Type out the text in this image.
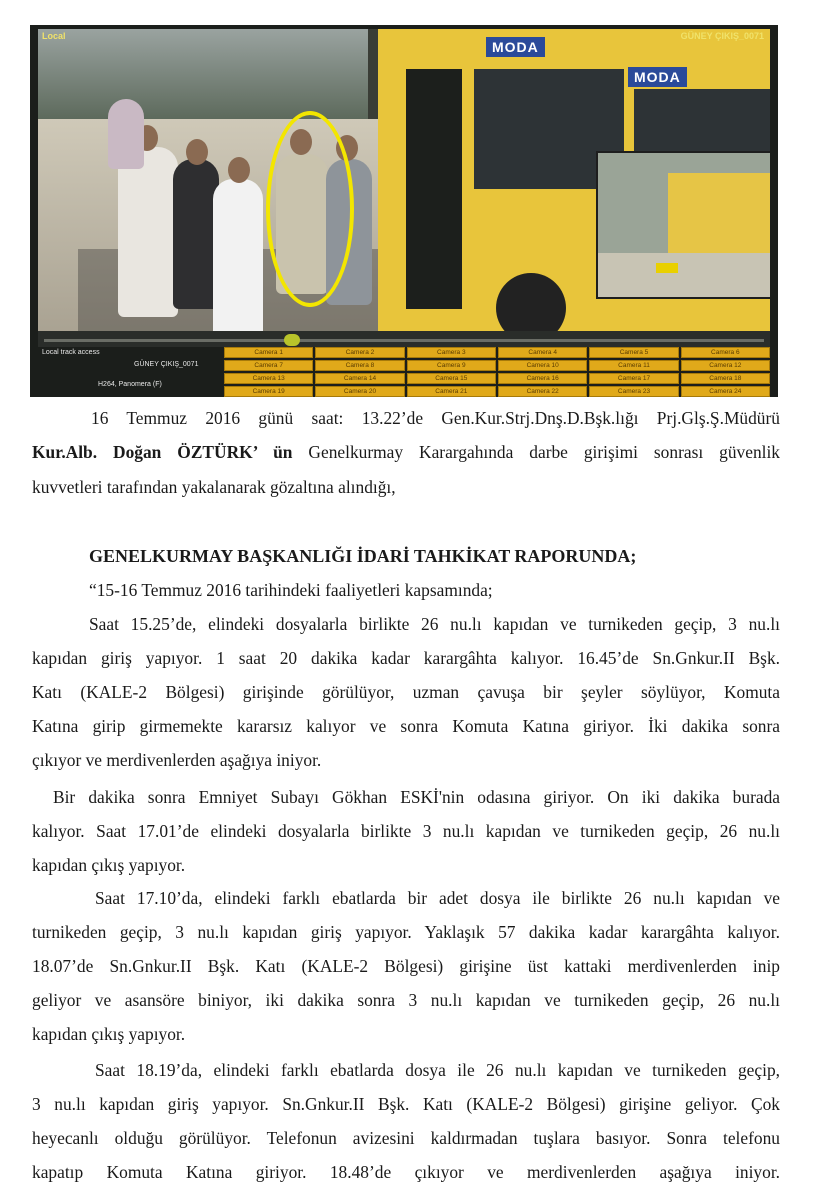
MODA
MODA
Local	GÜNEY ÇIKIŞ_0071
Local track access
GÜNEY ÇIKIŞ_0071
H264, Panomera (F)
Camera 1	Camera 2	Camera 3	Camera 4	Camera 5	Camera 6
Camera 7	Camera 8	Camera 9	Camera 10	Camera 11	Camera 12
Camera 13	Camera 14	Camera 15	Camera 16	Camera 17	Camera 18
Camera 19	Camera 20	Camera 21	Camera 22	Camera 23	Camera 24
16 Temmuz 2016 günü saat: 13.22’de Gen.Kur.Strj.Dnş.D.Bşk.lığı Prj.Glş.Ş.Müdürü
Kur.Alb. Doğan ÖZTÜRK’ ün Genelkurmay Karargahında darbe girişimi sonrası güvenlik
kuvvetleri tarafından yakalanarak gözaltına alındığı,
GENELKURMAY BAŞKANLIĞI İDARİ TAHKİKAT RAPORUNDA;
“15-16 Temmuz 2016 tarihindeki faaliyetleri kapsamında;
Saat 15.25’de, elindeki dosyalarla birlikte 26 nu.lı kapıdan ve turnikeden geçip, 3 nu.lı
kapıdan giriş yapıyor. 1 saat 20 dakika kadar karargâhta kalıyor. 16.45’de Sn.Gnkur.II Bşk.
Katı (KALE-2 Bölgesi) girişinde görülüyor, uzman çavuşa bir şeyler söylüyor, Komuta
Katına girip girmemekte kararsız kalıyor ve sonra Komuta Katına giriyor. İki dakika sonra
çıkıyor ve merdivenlerden aşağıya iniyor.
Bir dakika sonra Emniyet Subayı Gökhan ESKİ'nin odasına giriyor. On iki dakika burada
kalıyor. Saat 17.01’de elindeki dosyalarla birlikte 3 nu.lı kapıdan ve turnikeden geçip, 26 nu.lı
kapıdan çıkış yapıyor.
Saat 17.10’da, elindeki farklı ebatlarda bir adet dosya ile birlikte 26 nu.lı kapıdan ve
turnikeden geçip, 3 nu.lı kapıdan giriş yapıyor. Yaklaşık 57 dakika kadar karargâhta kalıyor.
18.07’de Sn.Gnkur.II Bşk. Katı (KALE-2 Bölgesi) girişine üst kattaki merdivenlerden inip
geliyor ve asansöre biniyor, iki dakika sonra 3 nu.lı kapıdan ve turnikeden geçip, 26 nu.lı
kapıdan çıkış yapıyor.
Saat 18.19’da, elindeki farklı ebatlarda dosya ile 26 nu.lı kapıdan ve turnikeden geçip,
3 nu.lı kapıdan giriş yapıyor. Sn.Gnkur.II Bşk. Katı (KALE-2 Bölgesi) girişine geliyor. Çok
heyecanlı olduğu görülüyor. Telefonun avizesini kaldırmadan tuşlara basıyor. Sonra telefonu
kapatıp Komuta Katına giriyor. 18.48’de çıkıyor ve merdivenlerden aşağıya iniyor.
